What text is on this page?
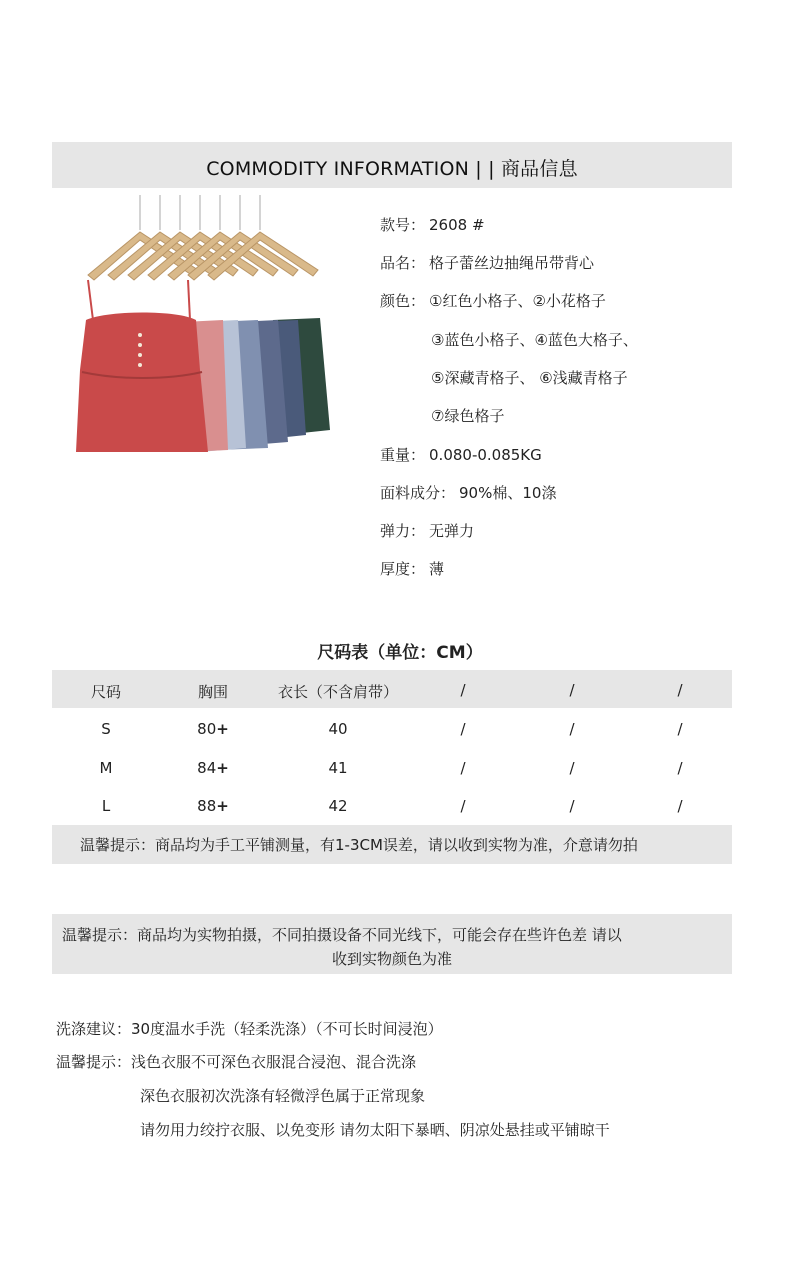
COMMODITY INFORMATION | | 商品信息
款号： 2608 #
品名： 格子蕾丝边抽绳吊带背心
颜色： ①红色小格子、②小花格子
③蓝色小格子、④蓝色大格子、
⑤深藏青格子、 ⑥浅藏青格子
⑦绿色格子
重量：0.080-0.085KG
面料成分： 90%棉、10涤
弹力： 无弹力
厚度： 薄
尺码表（单位：CM）
尺码	胸围	衣长（不含肩带）	/	/	/
S	80+	40	/	/	/
M	84+	41	/	/	/
L	88+	42	/	/	/
温馨提示：商品均为手工平铺测量，有1-3CM误差，请以收到实物为准，介意请勿拍
温馨提示：商品均为实物拍摄，不同拍摄设备不同光线下，可能会存在些许色差 请以
收到实物颜色为准
洗涤建议：30度温水手洗（轻柔洗涤）（不可长时间浸泡）
温馨提示：浅色衣服不可深色衣服混合浸泡、混合洗涤
深色衣服初次洗涤有轻微浮色属于正常现象
请勿用力绞拧衣服、以免变形 请勿太阳下暴晒、阴凉处悬挂或平铺晾干
